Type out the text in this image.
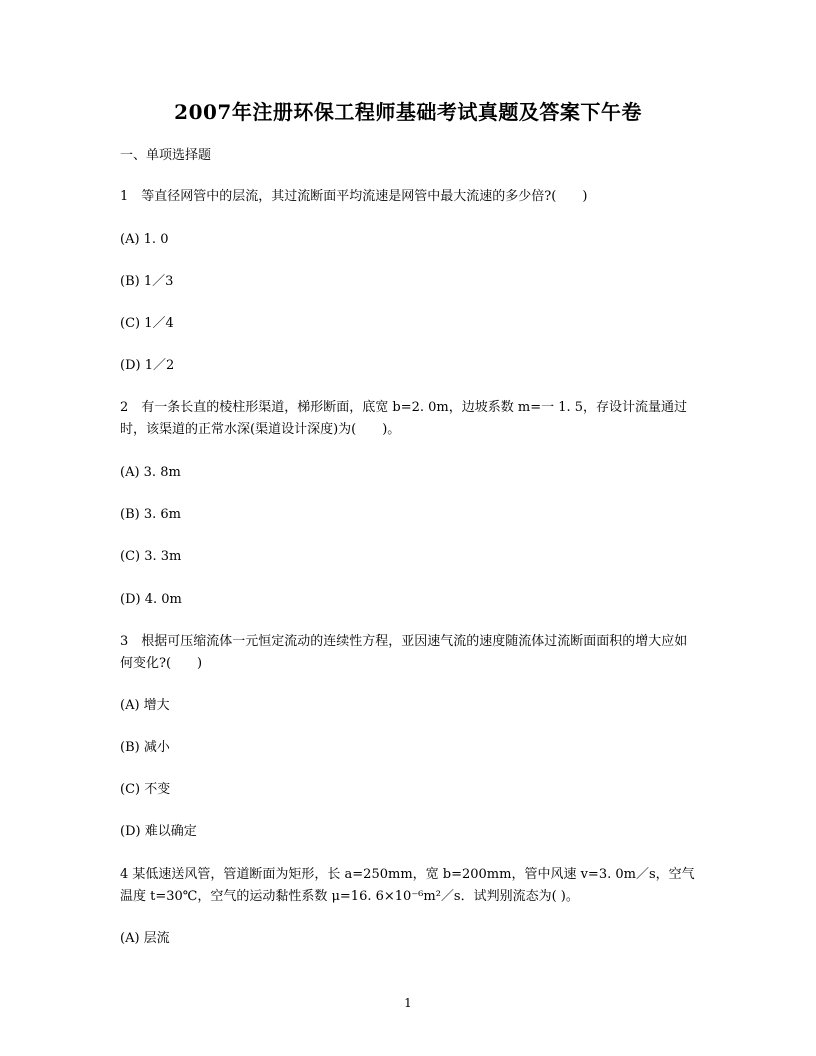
2007年注册环保工程师基础考试真题及答案下午卷
一、单项选择题
1　等直径网管中的层流，其过流断面平均流速是网管中最大流速的多少倍?(　　)
(A) 1. 0
(B) 1／3
(C) 1／4
(D) 1／2
2　有一条长直的棱柱形渠道，梯形断面，底宽 b=2. 0m，边坡系数 m=一 1. 5，存设计流量通过时，该渠道的正常水深(渠道设计深度)为(　　)。
(A) 3. 8m
(B) 3. 6m
(C) 3. 3m
(D) 4. 0m
3　根据可压缩流体一元恒定流动的连续性方程，亚因速气流的速度随流体过流断面面积的增大应如何变化?(　　)
(A) 增大
(B) 减小
(C) 不变
(D) 难以确定
4 某低速送风管，管道断面为矩形，长 a=250mm，宽 b=200mm，管中风速 v=3. 0m／s，空气温度 t=30℃，空气的运动黏性系数 μ=16. 6×10⁻⁶m²／s．试判别流态为( )。
(A) 层流
1
